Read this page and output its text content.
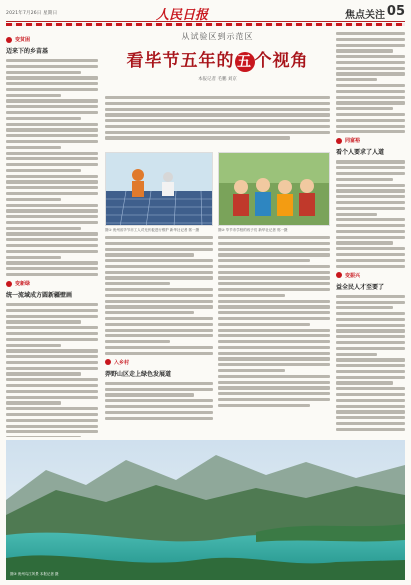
2021年7月26日 星期日	人民日报	焦点关注 05
从试验区到示范区
看毕节五年的 五 个视角
本报记者 毛鹏 刘京
变贫困
迈来下的乡苗基
变新绿
统一流域成方圆新疆壁画
图① 贵州省毕节市工人对光伏板进行维护 新华社记者 郭一摄	图② 毕节市学校的孩子们 新华社记者 郭一摄
入乡村
莽野山区走上绿色发展道
同富裕
看个人要求了人道
变振兴
益全民人才至要了
图③ 贵州乌江风景 本报记者 摄
